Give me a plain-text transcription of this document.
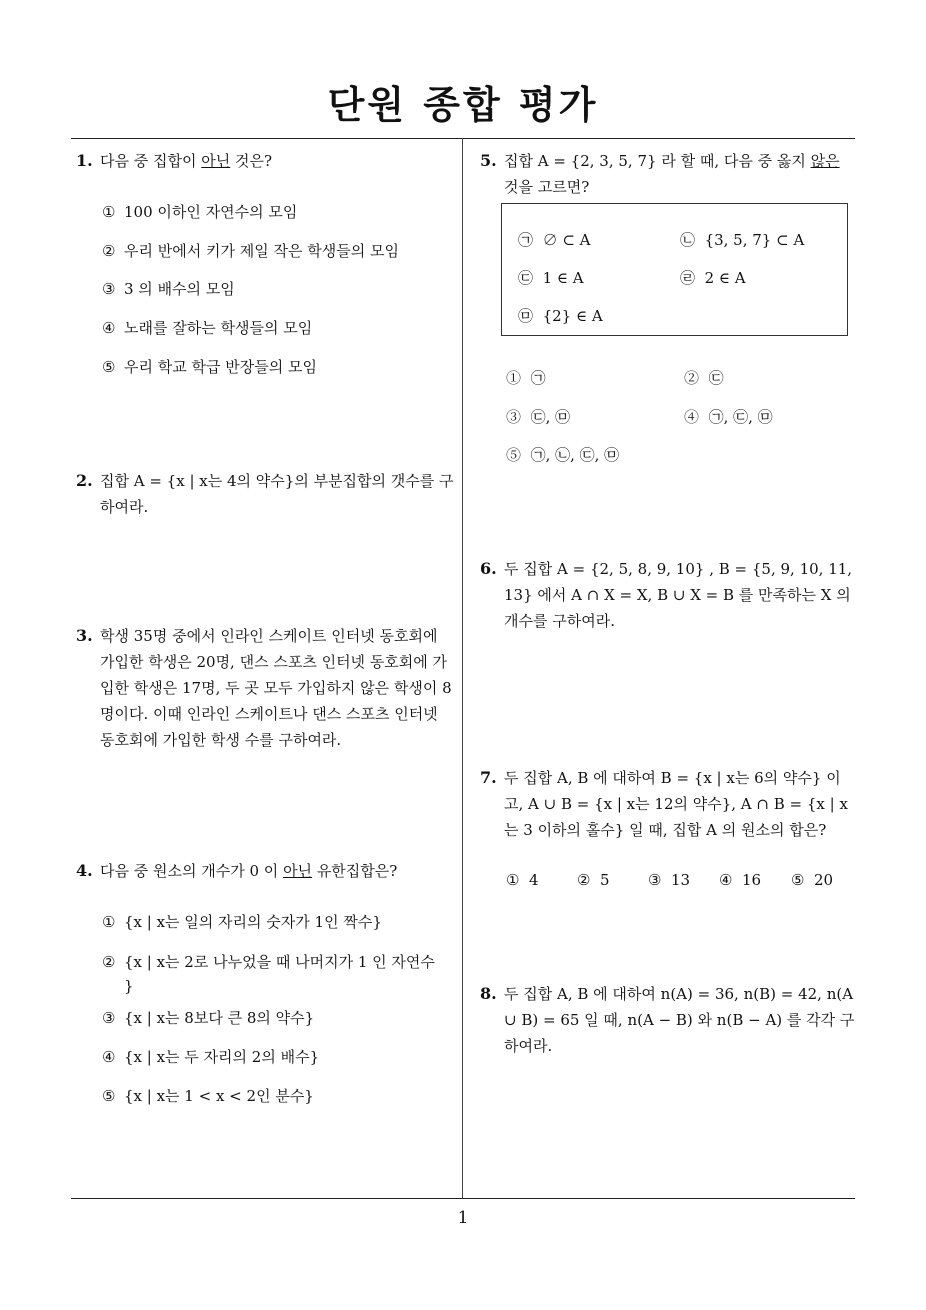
단원 종합 평가
1. 다음 중 집합이 아닌 것은?
① 100 이하인 자연수의 모임
② 우리 반에서 키가 제일 작은 학생들의 모임
③ 3 의 배수의 모임
④ 노래를 잘하는 학생들의 모임
⑤ 우리 학교 학급 반장들의 모임
2. 집합 A = {x | x는 4의 약수}의 부분집합의 갯수를 구하여라.
3. 학생 35명 중에서 인라인 스케이트 인터넷 동호회에 가입한 학생은 20명, 댄스 스포츠 인터넷 동호회에 가입한 학생은 17명, 두 곳 모두 가입하지 않은 학생이 8명이다. 이때 인라인 스케이트나 댄스 스포츠 인터넷 동호회에 가입한 학생 수를 구하여라.
4. 다음 중 원소의 개수가 0 이 아닌 유한집합은?
① {x | x는 일의 자리의 숫자가 1인 짝수}
② {x | x는 2로 나누었을 때 나머지가 1 인 자연수 }
③ {x | x는 8보다 큰 8의 약수}
④ {x | x는 두 자리의 2의 배수}
⑤ {x | x는 1 < x < 2인 분수}
5. 집합 A = {2, 3, 5, 7} 라 할 때, 다음 중 옳지 않은 것을 고르면?
㉠ ∅ ⊂ A	㉡ {3, 5, 7} ⊂ A
㉢ 1 ∈ A	㉣ 2 ∈ A
㉤ {2} ∈ A
① ㉠	② ㉢
③ ㉢, ㉤	④ ㉠, ㉢, ㉤
⑤ ㉠, ㉡, ㉢, ㉤
6. 두 집합 A = {2, 5, 8, 9, 10} , B = {5, 9, 10, 11, 13} 에서 A ∩ X = X, B ∪ X = B 를 만족하는 X 의 개수를 구하여라.
7. 두 집합 A, B 에 대하여 B = {x | x는 6의 약수} 이고, A ∪ B = {x | x는 12의 약수}, A ∩ B = {x | x는 3 이하의 홀수} 일 때, 집합 A 의 원소의 합은?
① 4	② 5	③ 13 ④ 16 ⑤ 20
8. 두 집합 A, B 에 대하여 n(A) = 36, n(B) = 42, n(A ∪ B) = 65 일 때, n(A − B) 와 n(B − A) 를 각각 구하여라.
1
